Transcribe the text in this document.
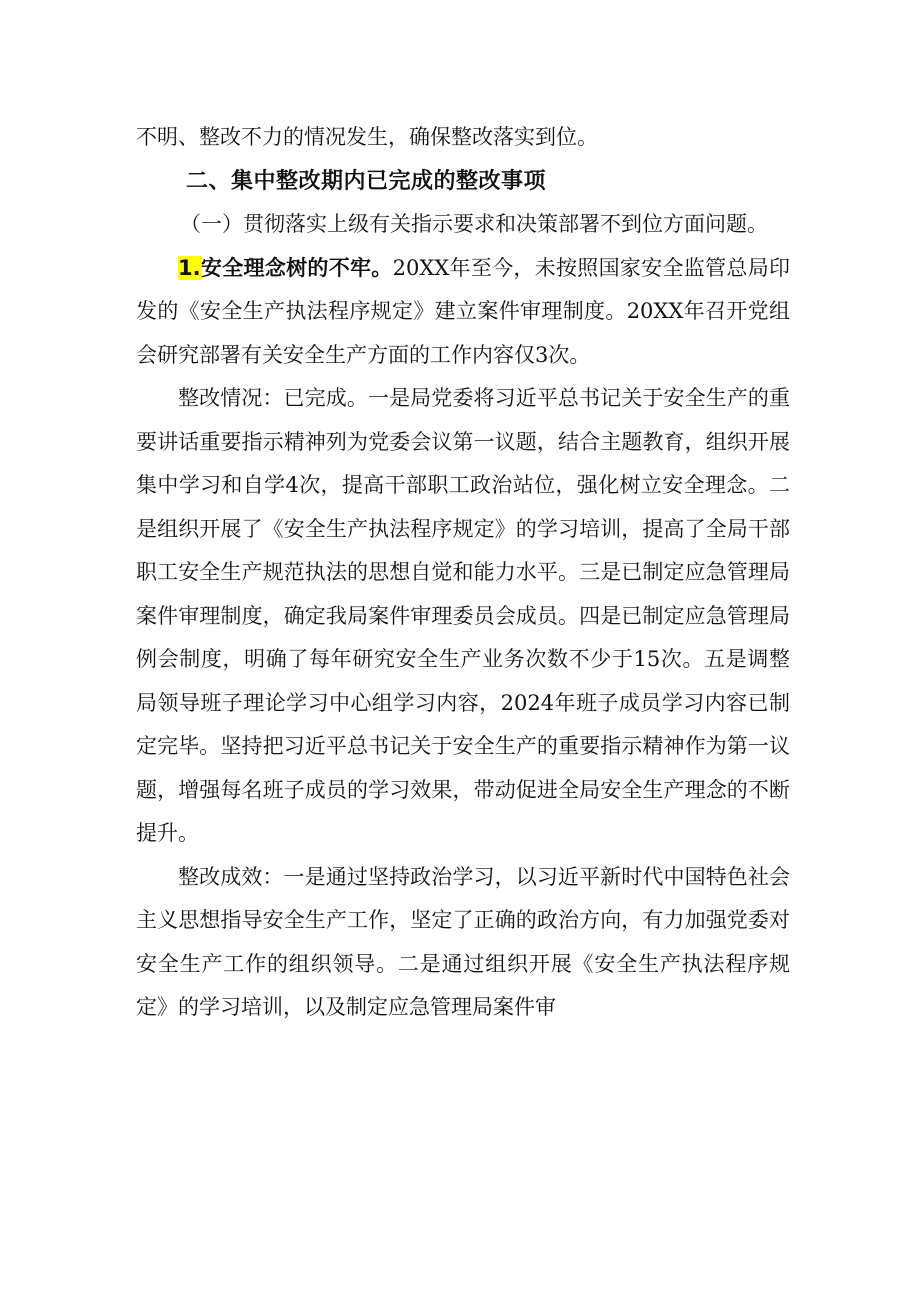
不明、整改不力的情况发生，确保整改落实到位。

二、集中整改期内已完成的整改事项

（一）贯彻落实上级有关指示要求和决策部署不到位方面问题。

1.安全理念树的不牢。20XX年至今，未按照国家安全监管总局印发的《安全生产执法程序规定》建立案件审理制度。20XX年召开党组会研究部署有关安全生产方面的工作内容仅3次。

整改情况：已完成。一是局党委将习近平总书记关于安全生产的重要讲话重要指示精神列为党委会议第一议题，结合主题教育，组织开展集中学习和自学4次，提高干部职工政治站位，强化树立安全理念。二是组织开展了《安全生产执法程序规定》的学习培训，提高了全局干部职工安全生产规范执法的思想自觉和能力水平。三是已制定应急管理局案件审理制度，确定我局案件审理委员会成员。四是已制定应急管理局例会制度，明确了每年研究安全生产业务次数不少于15次。五是调整局领导班子理论学习中心组学习内容，2024年班子成员学习内容已制定完毕。坚持把习近平总书记关于安全生产的重要指示精神作为第一议题，增强每名班子成员的学习效果，带动促进全局安全生产理念的不断提升。

整改成效：一是通过坚持政治学习，以习近平新时代中国特色社会主义思想指导安全生产工作，坚定了正确的政治方向，有力加强党委对安全生产工作的组织领导。二是通过组织开展《安全生产执法程序规定》的学习培训，以及制定应急管理局案件审
